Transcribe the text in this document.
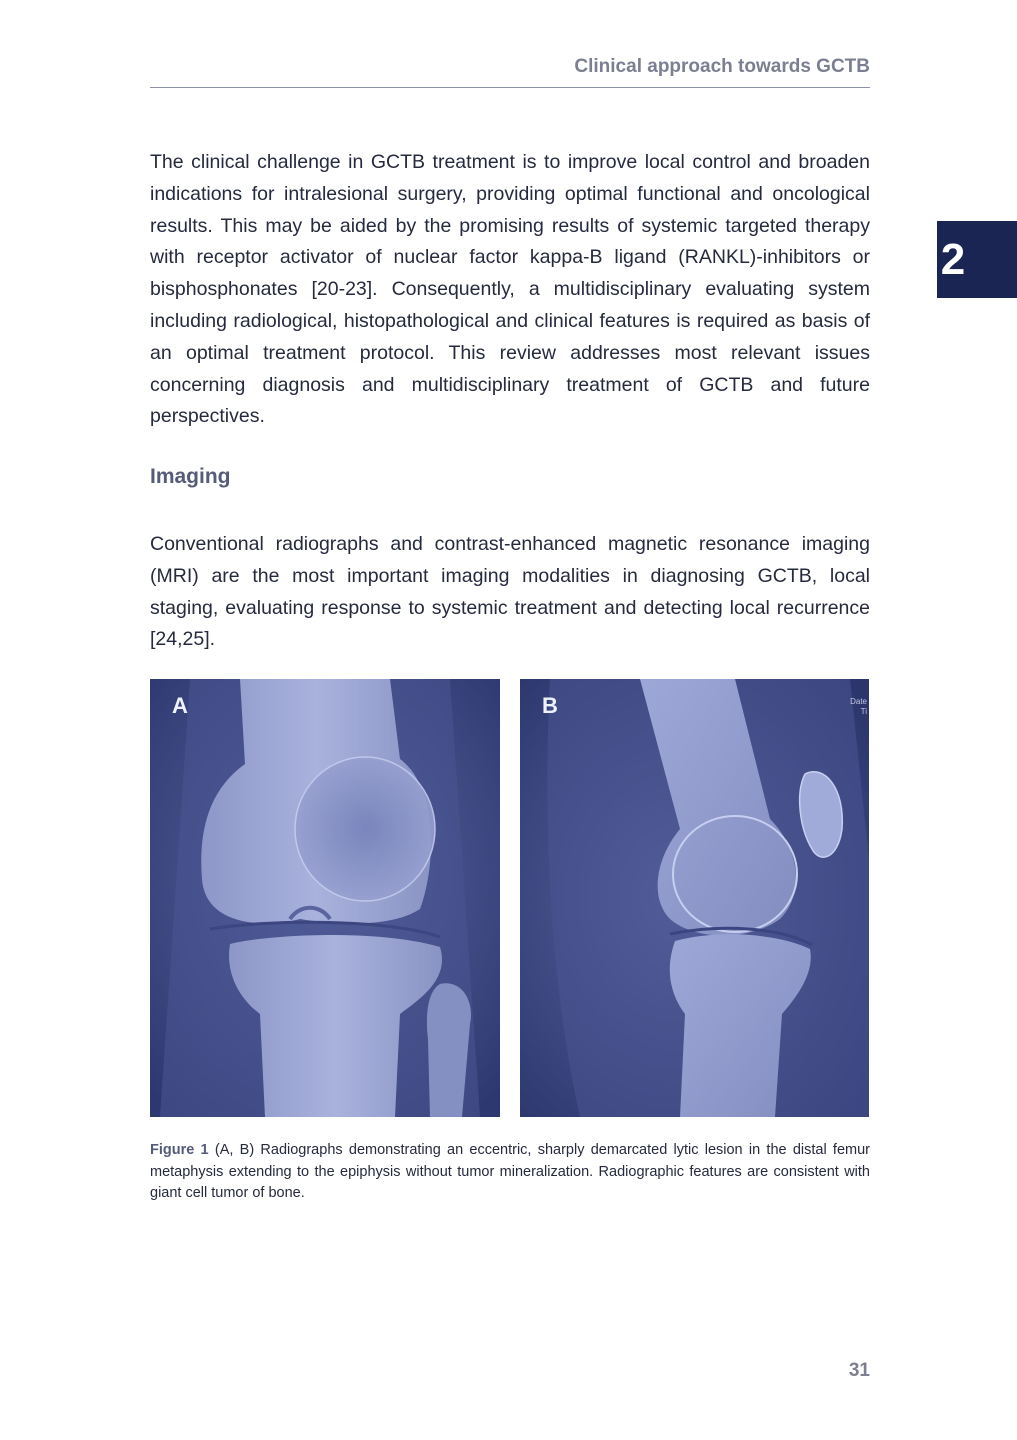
Clinical approach towards GCTB
2

The clinical challenge in GCTB treatment is to improve local control and broaden indications for intralesional surgery, providing optimal functional and oncological results. This may be aided by the promising results of systemic targeted therapy with receptor activator of nuclear factor kappa-B ligand (RANKL)-inhibitors or bisphosphonates [20-23]. Consequently, a multidisciplinary evaluating system including radiological, histopathological and clinical features is required as basis of an optimal treatment protocol. This review addresses most relevant issues concerning diagnosis and multidisciplinary treatment of GCTB and future perspectives.

Imaging

Conventional radiographs and contrast-enhanced magnetic resonance imaging (MRI) are the most important imaging modalities in diagnosing GCTB, local staging, evaluating response to systemic treatment and detecting local recurrence [24,25].

A	B	Date
Ti

Figure 1 (A, B) Radiographs demonstrating an eccentric, sharply demarcated lytic lesion in the distal femur metaphysis extending to the epiphysis without tumor mineralization. Radiographic features are consistent with giant cell tumor of bone.

31
